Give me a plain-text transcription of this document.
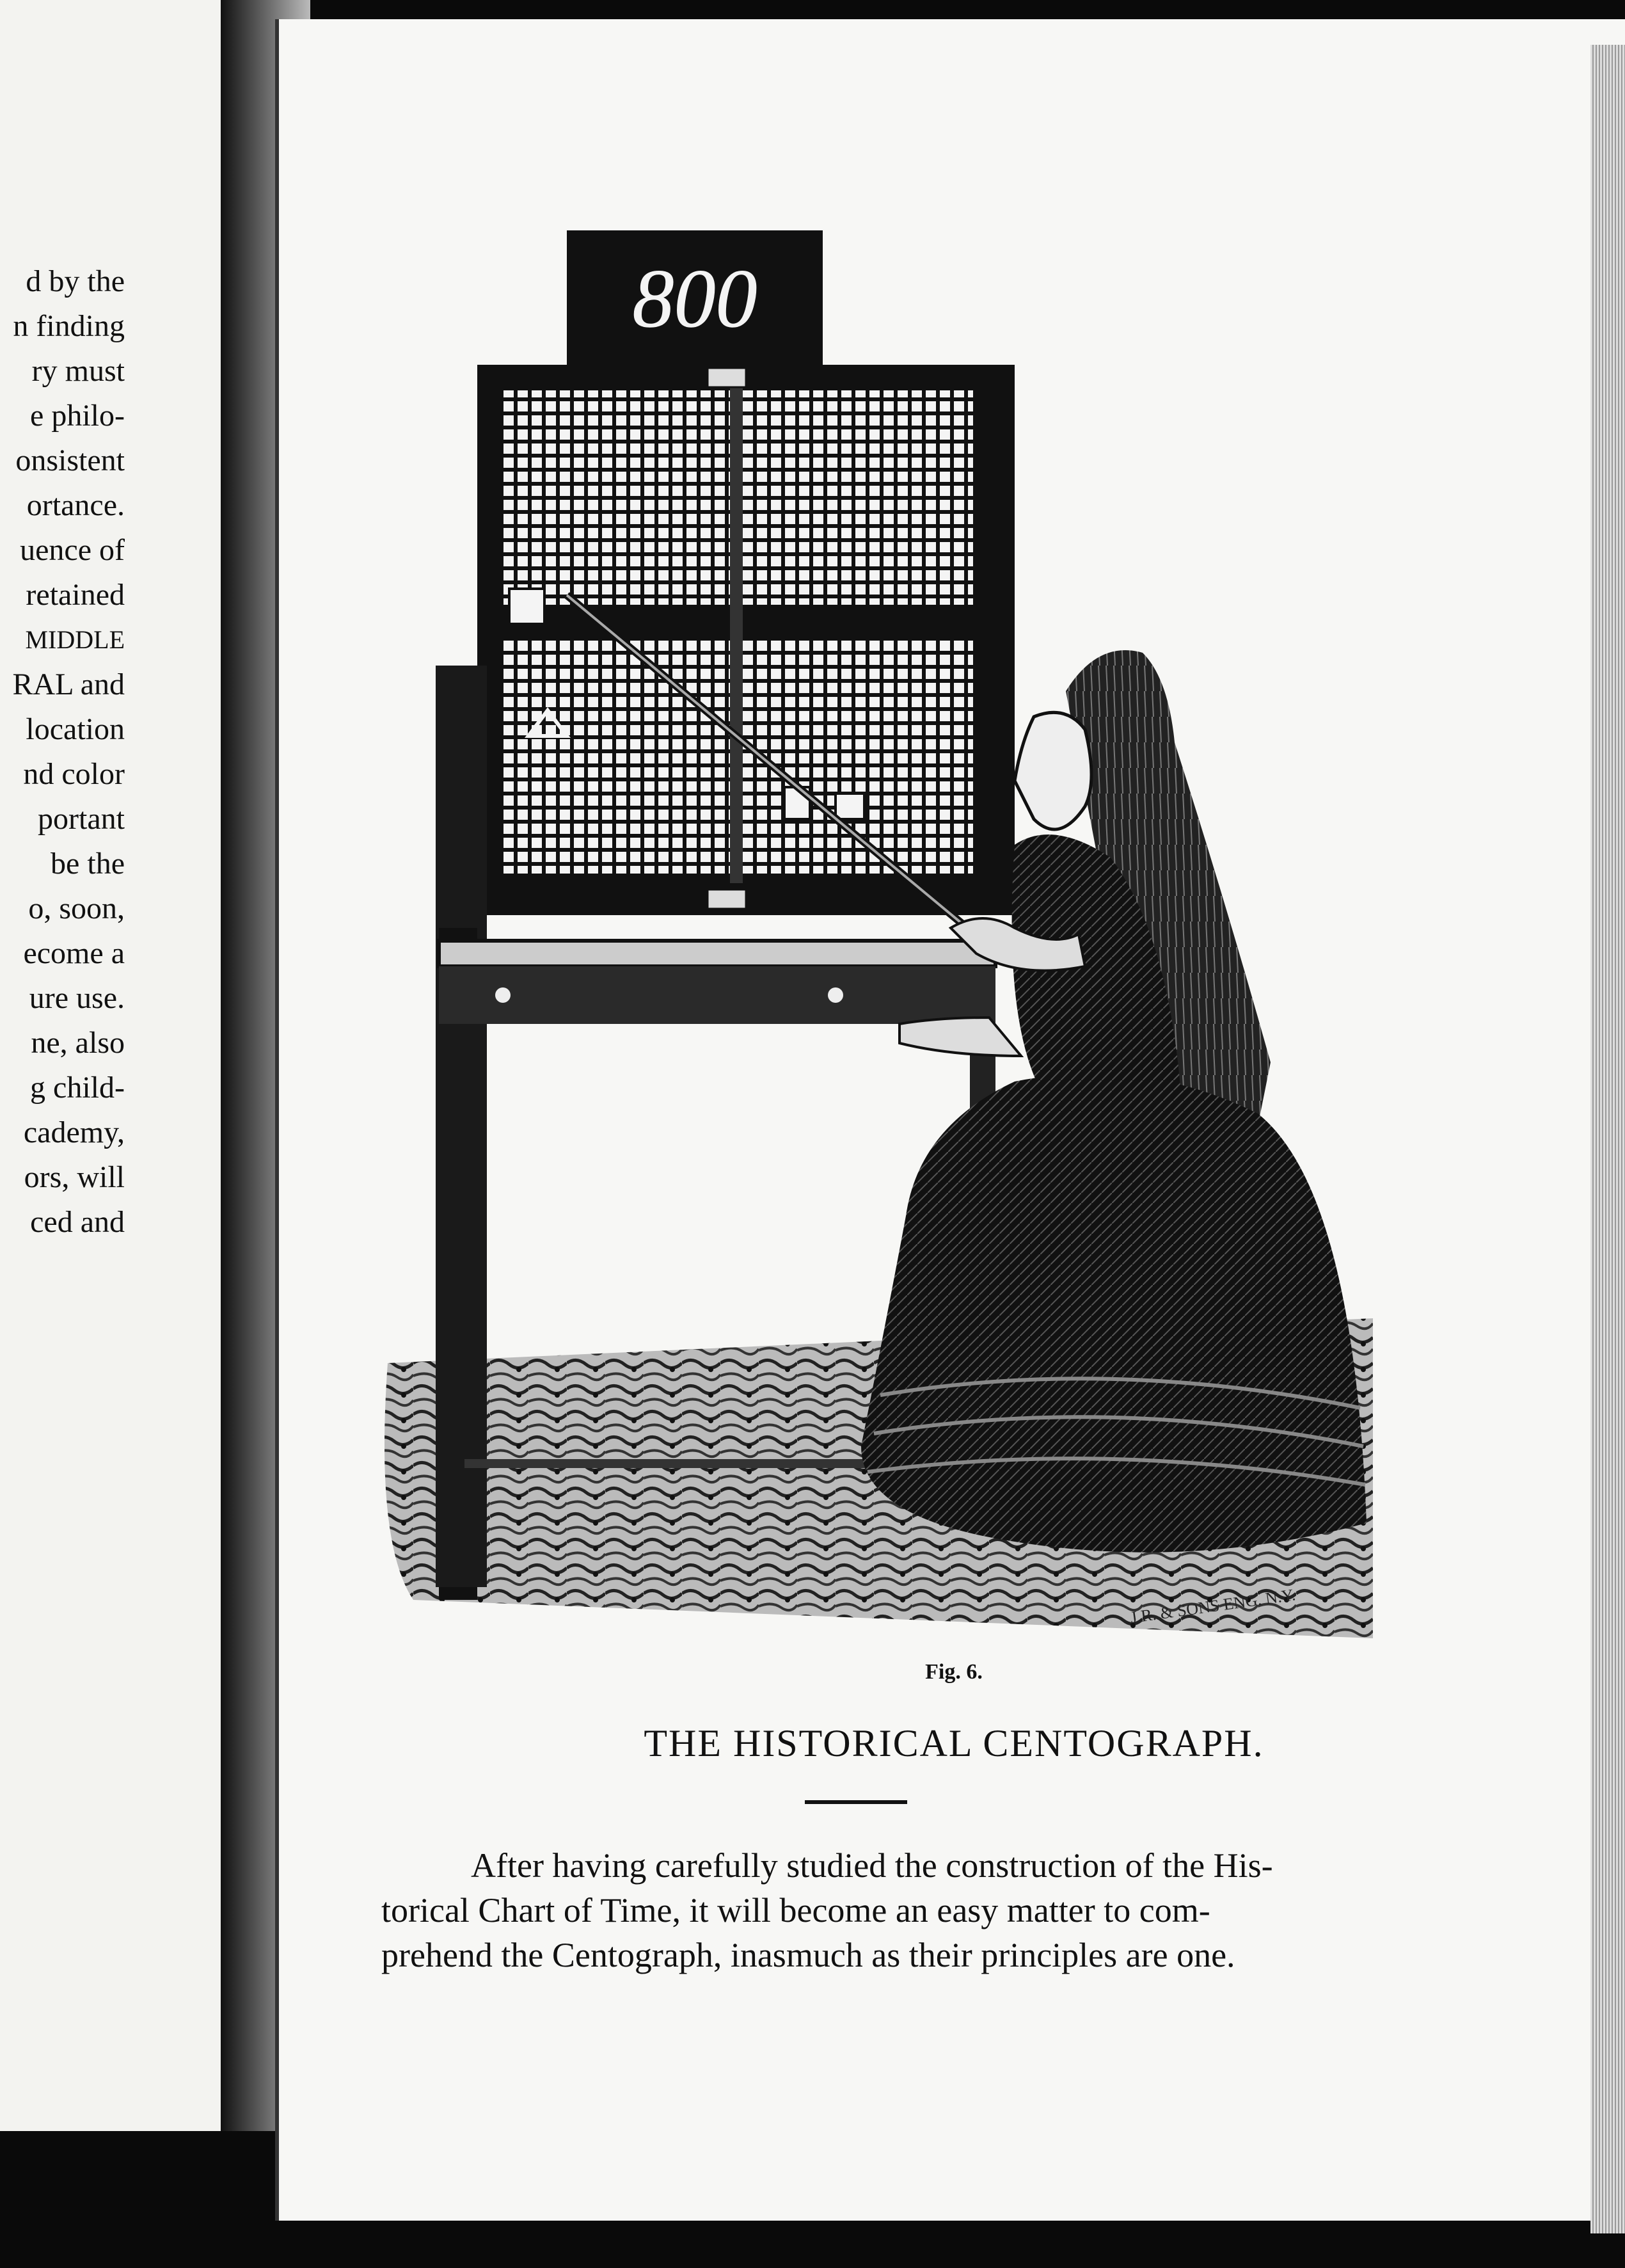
d by the
n finding
ry must
e philo-
onsistent
ortance.
uence of
retained
MIDDLE
RAL and
location
nd color
portant
be the
o, soon,
ecome a
ure use.
ne, also
g child-
cademy,
ors, will
ced and
800
J.R. & SONS ENG. N.Y.
Fig. 6.
THE HISTORICAL CENTOGRAPH.
After having carefully studied the construction of the His-
torical Chart of Time, it will become an easy matter to com-
prehend the Centograph, inasmuch as their principles are one.
